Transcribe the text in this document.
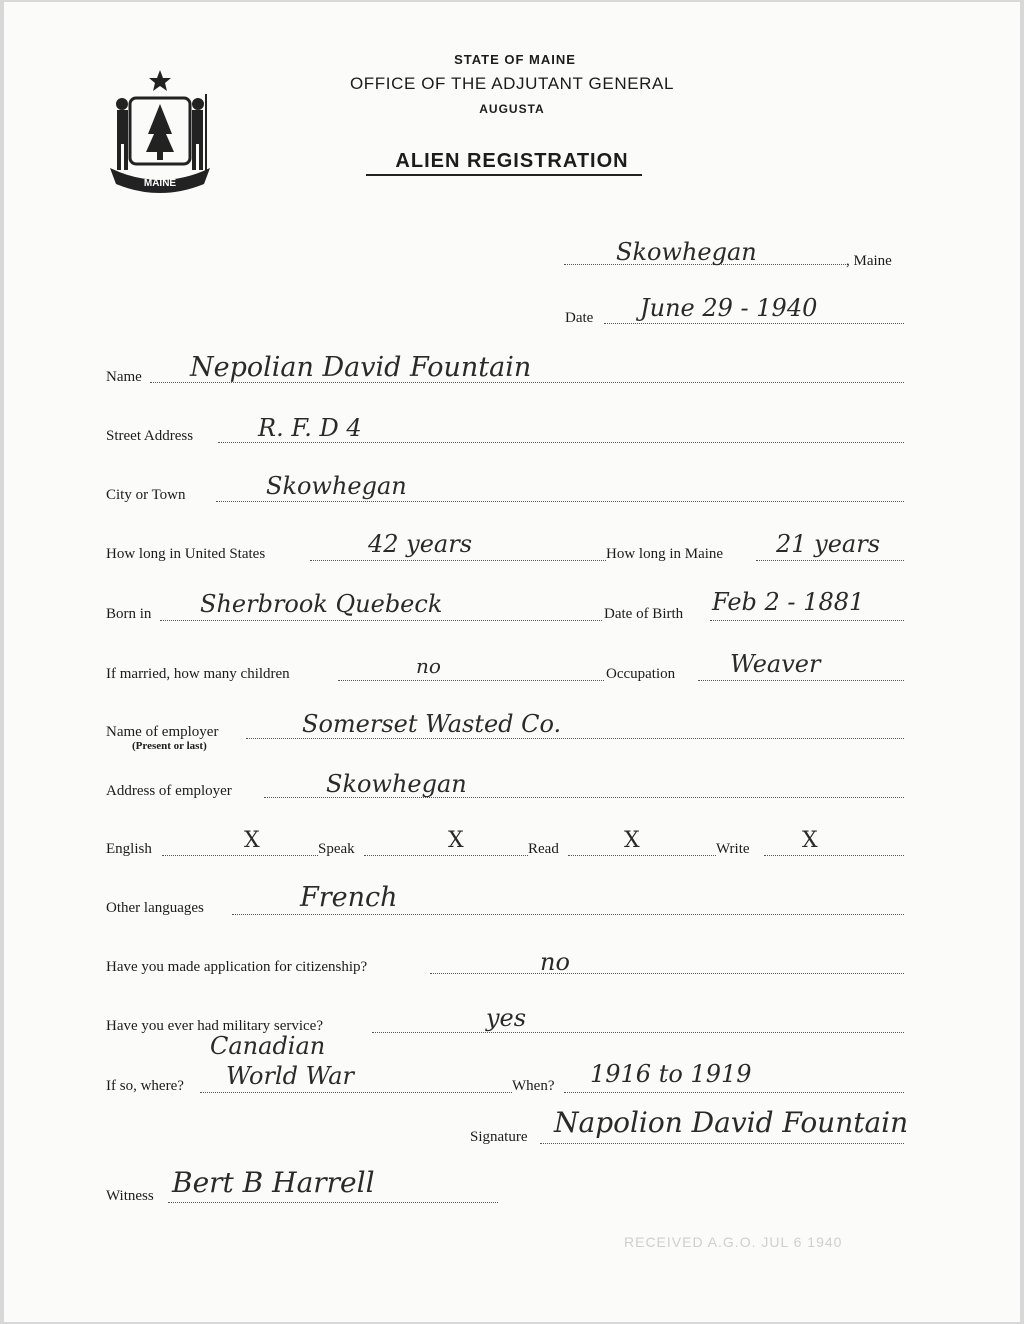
MAINE
STATE OF MAINE
OFFICE OF THE ADJUTANT GENERAL
AUGUSTA
ALIEN REGISTRATION
Skowhegan	, Maine
Date June 29 - 1940
Name Nepolian David Fountain
Street Address	R. F. D 4
City or Town	Skowhegan
How long in United States	42 years	How long in Maine 21 years
Born in Sherbrook Quebeck	Date of Birth Feb 2 - 1881
If married, how many children	no	Occupation Weaver
Name of employer
(Present or last)
Somerset Wasted Co.
Address of employer	Skowhegan
English	X	Speak	X	Read	X	Write X
Other languages	French
Have you made application for citizenship?	no
Have you ever had military service?	yes
Canadian
If so, where? World War	When? 1916 to 1919
Signature Napolion David Fountain
Witness Bert B Harrell
RECEIVED A.G.O. JUL 6 1940
